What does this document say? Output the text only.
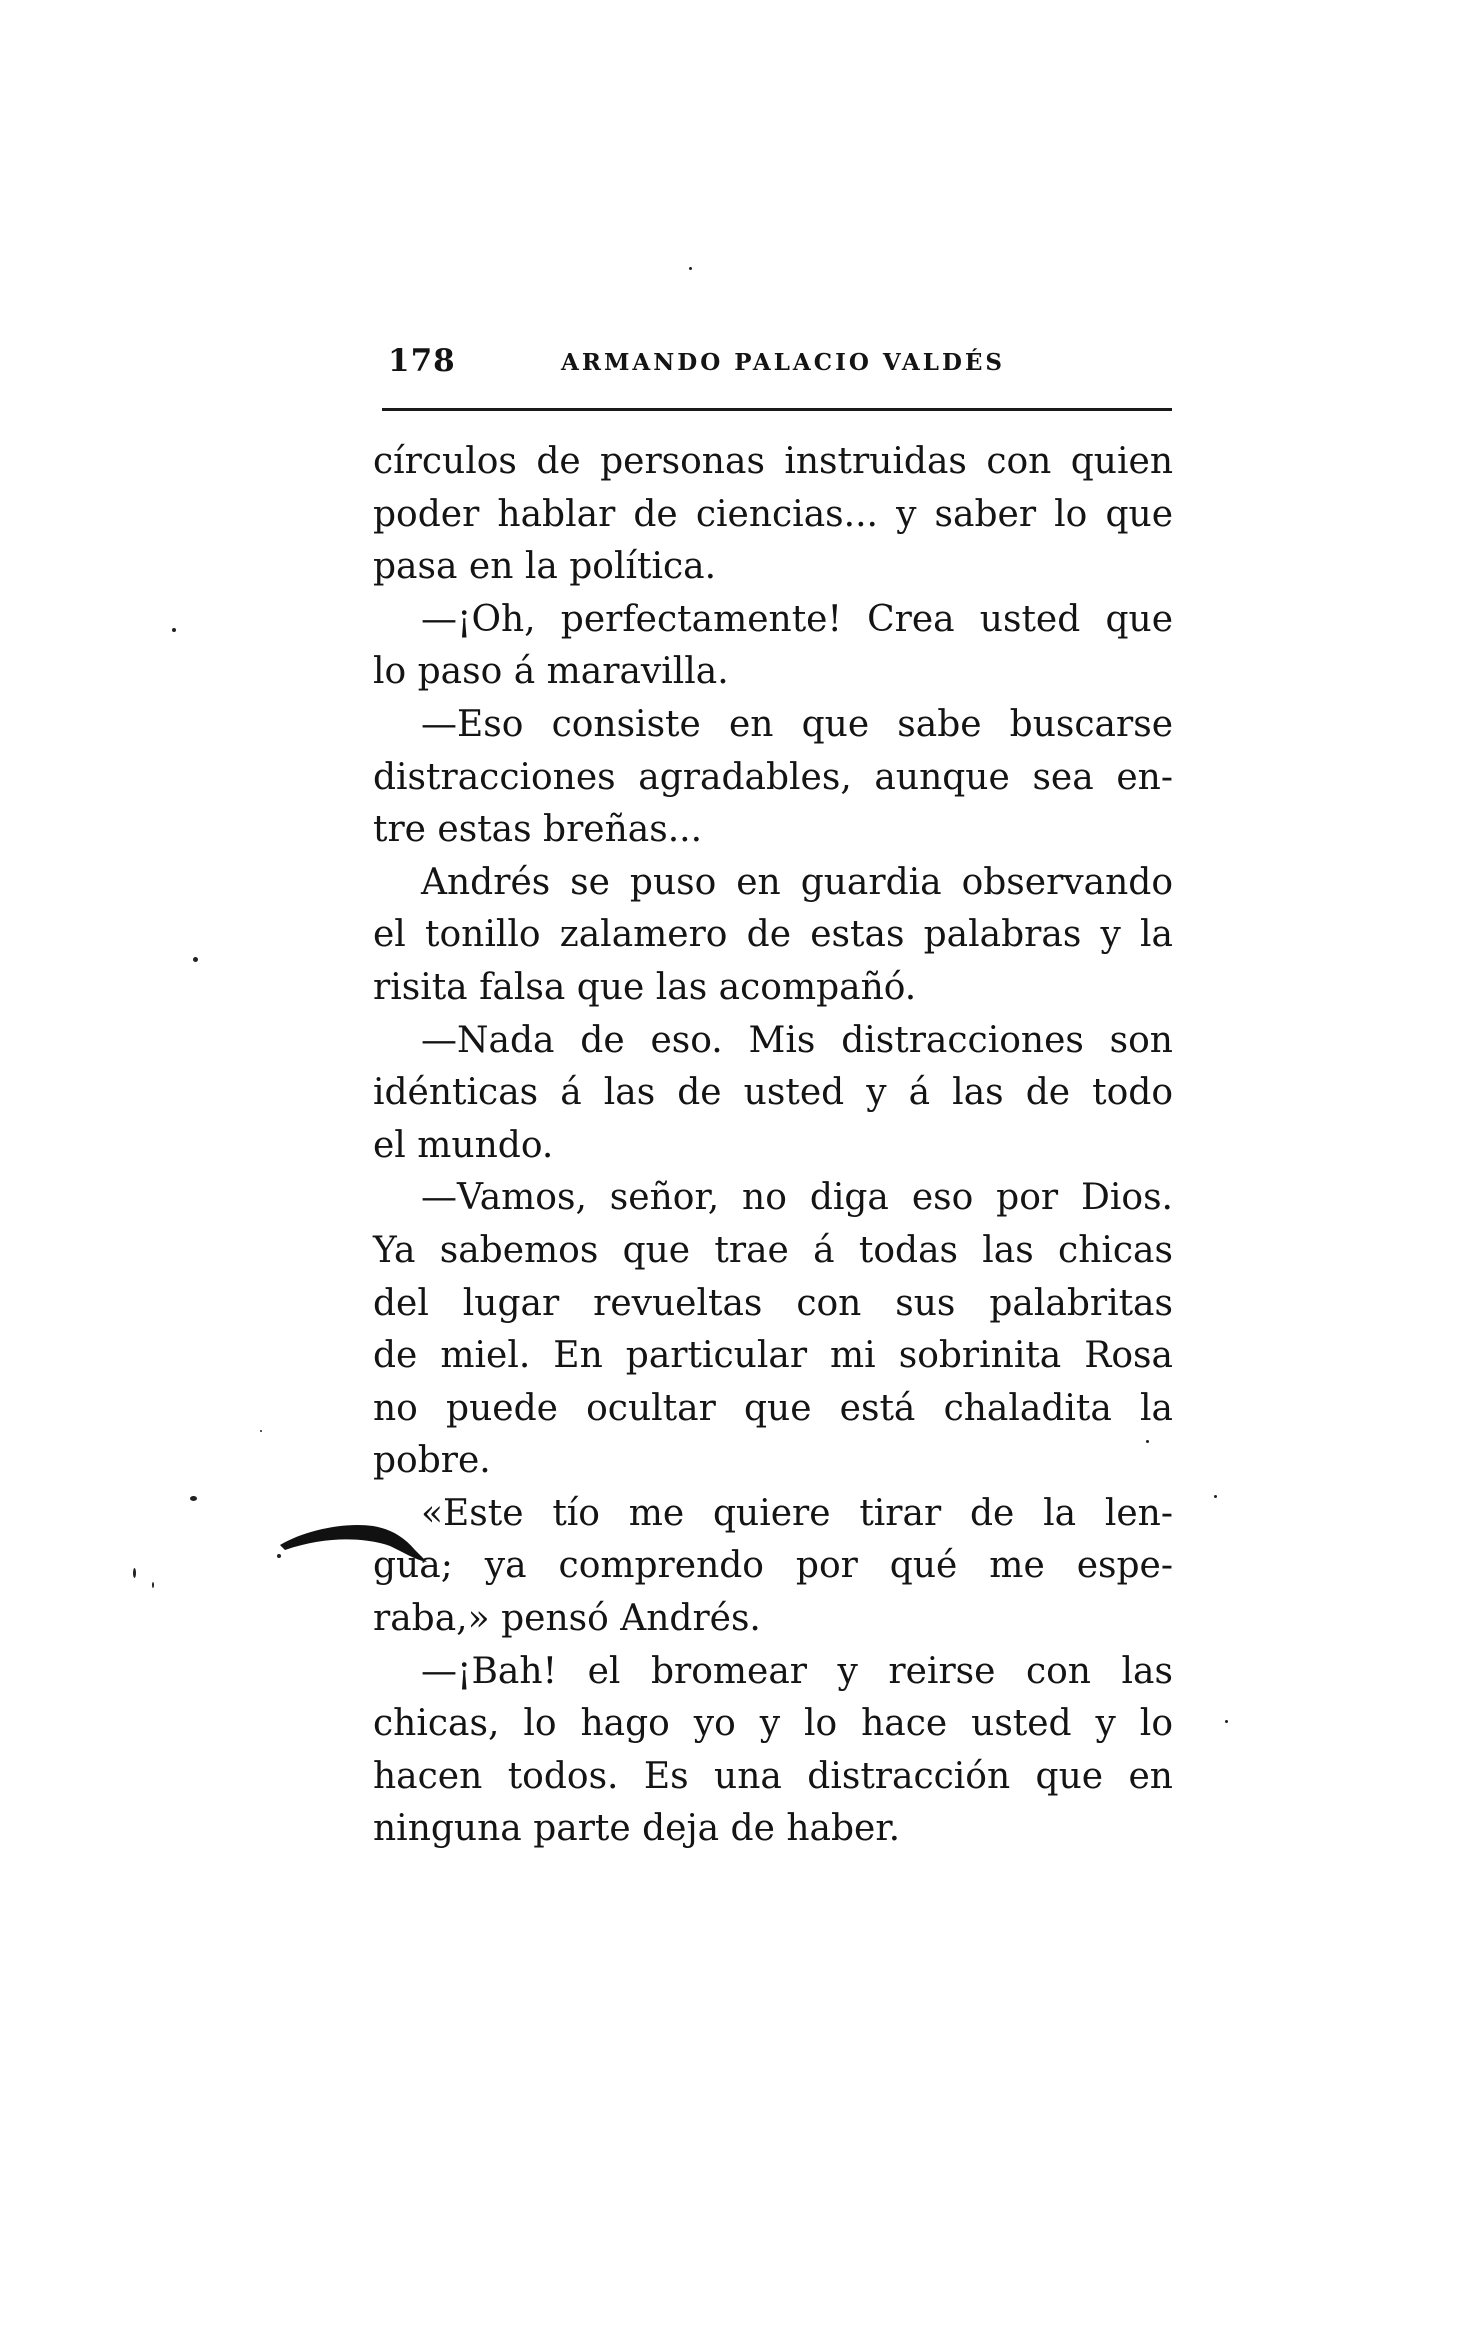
178	ARMANDO PALACIO VALDÉS
círculos de personas instruidas con quien
poder hablar de ciencias... y saber lo que
pasa en la política.
—¡Oh, perfectamente! Crea usted que
lo paso á maravilla.
—Eso consiste en que sabe buscarse
distracciones agradables, aunque sea en-
tre estas breñas...
Andrés se puso en guardia observando
el tonillo zalamero de estas palabras y la
risita falsa que las acompañó.
—Nada de eso. Mis distracciones son
idénticas á las de usted y á las de todo
el mundo.
—Vamos, señor, no diga eso por Dios.
Ya sabemos que trae á todas las chicas
del lugar revueltas con sus palabritas
de miel. En particular mi sobrinita Rosa
no puede ocultar que está chaladita la
pobre.
«Este tío me quiere tirar de la len-
gua; ya comprendo por qué me espe-
raba,» pensó Andrés.
—¡Bah! el bromear y reirse con las
chicas, lo hago yo y lo hace usted y lo
hacen todos. Es una distracción que en
ninguna parte deja de haber.
